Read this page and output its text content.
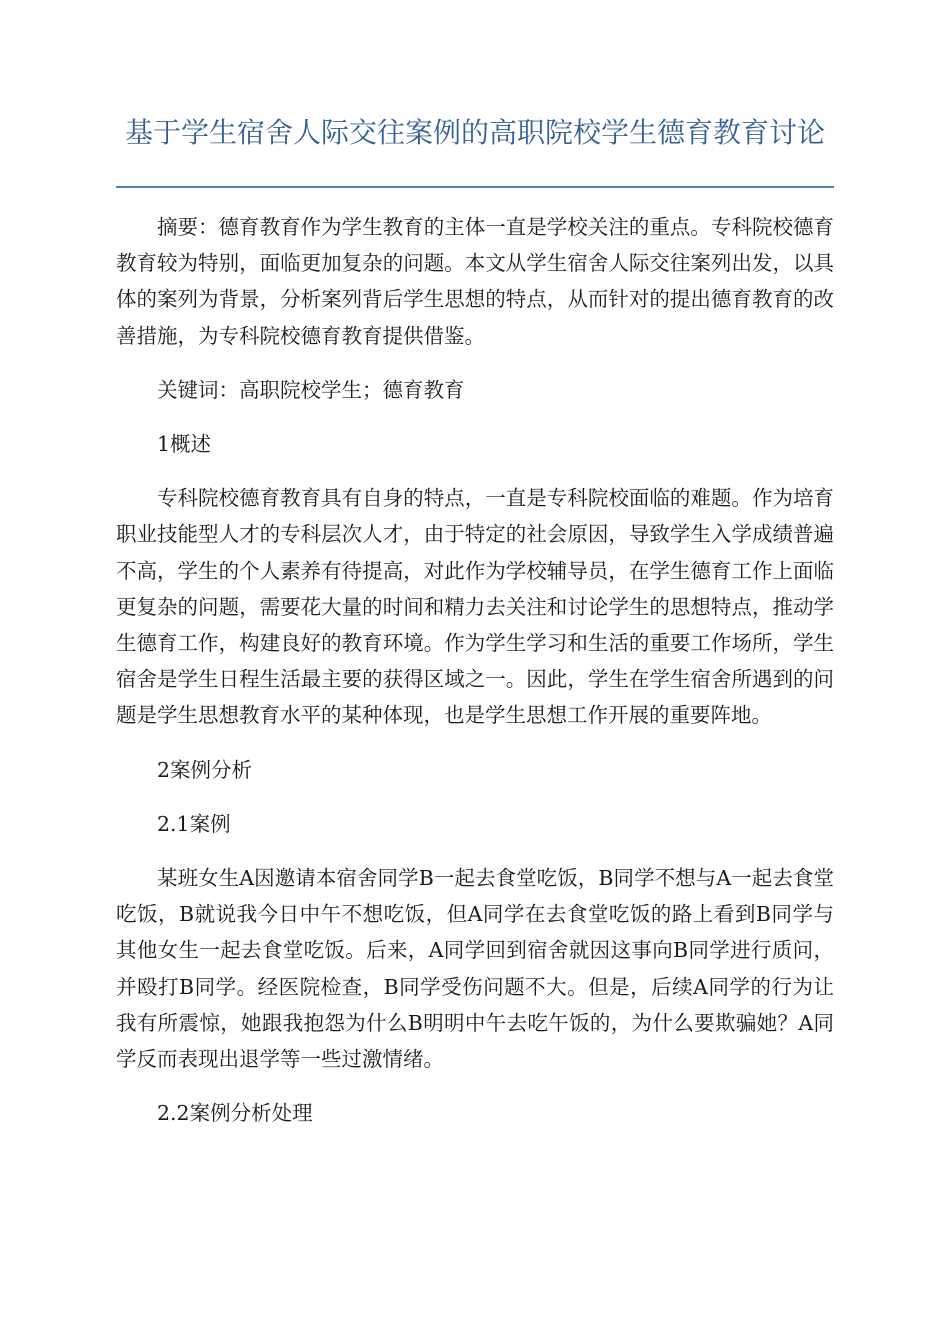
基于学生宿舍人际交往案例的高职院校学生德育教育讨论

摘要：德育教育作为学生教育的主体一直是学校关注的重点。专科院校德育教育较为特别，面临更加复杂的问题。本文从学生宿舍人际交往案列出发，以具体的案列为背景，分析案列背后学生思想的特点，从而针对的提出德育教育的改善措施，为专科院校德育教育提供借鉴。

关键词：高职院校学生；德育教育

1概述

专科院校德育教育具有自身的特点，一直是专科院校面临的难题。作为培育职业技能型人才的专科层次人才，由于特定的社会原因，导致学生入学成绩普遍不高，学生的个人素养有待提高，对此作为学校辅导员，在学生德育工作上面临更复杂的问题，需要花大量的时间和精力去关注和讨论学生的思想特点，推动学生德育工作，构建良好的教育环境。作为学生学习和生活的重要工作场所，学生宿舍是学生日程生活最主要的获得区域之一。因此，学生在学生宿舍所遇到的问题是学生思想教育水平的某种体现，也是学生思想工作开展的重要阵地。

2案例分析

2.1案例

某班女生A因邀请本宿舍同学B一起去食堂吃饭，B同学不想与A一起去食堂吃饭，B就说我今日中午不想吃饭，但A同学在去食堂吃饭的路上看到B同学与其他女生一起去食堂吃饭。后来，A同学回到宿舍就因这事向B同学进行质问，并殴打B同学。经医院检查，B同学受伤问题不大。但是，后续A同学的行为让我有所震惊，她跟我抱怨为什么B明明中午去吃午饭的，为什么要欺骗她？A同学反而表现出退学等一些过激情绪。

2.2案例分析处理
